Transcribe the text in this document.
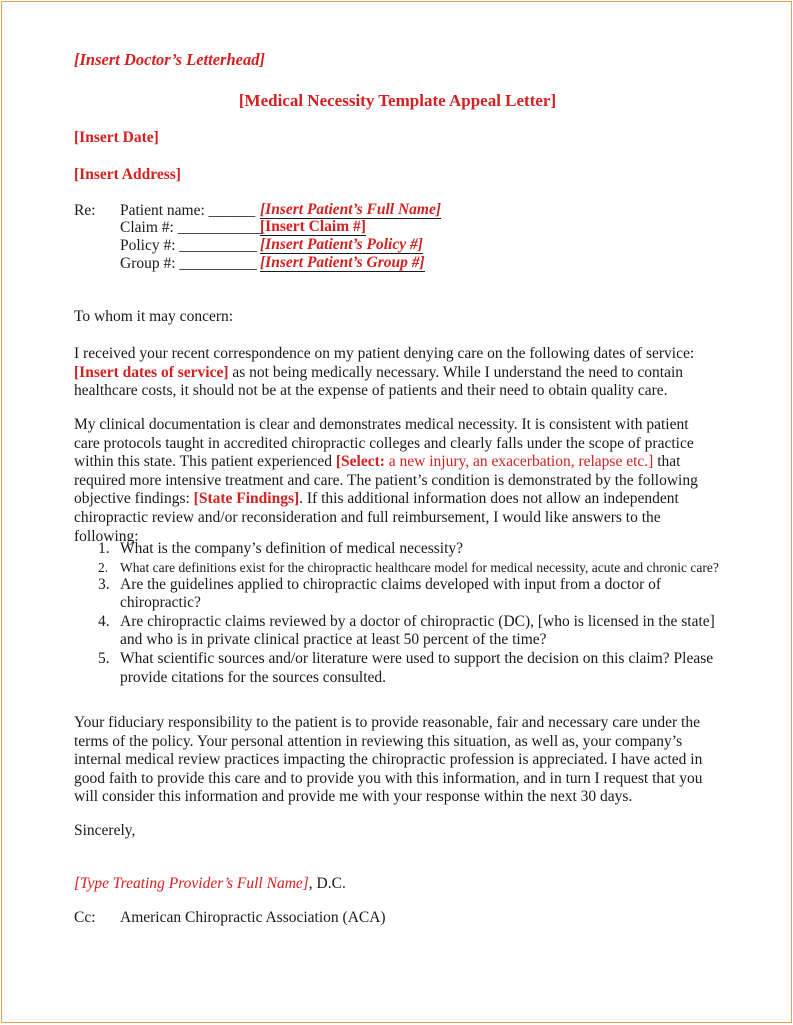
[Insert Doctor’s Letterhead]
[Medical Necessity Template Appeal Letter]
[Insert Date]
[Insert Address]
Re: Patient name: ______ [Insert Patient’s Full Name]
Claim #: ___________
[Insert Claim #]
Policy #: __________ [Insert Patient’s Policy #]
Group #: __________ [Insert Patient’s Group #]
To whom it may concern:
I received your recent correspondence on my patient denying care on the following dates of service:
[Insert dates of service] as not being medically necessary. While I understand the need to contain healthcare costs, it should not be at the expense of patients and their need to obtain quality care.
My clinical documentation is clear and demonstrates medical necessity. It is consistent with patient care protocols taught in accredited chiropractic colleges and clearly falls under the scope of practice within this state. This patient experienced [Select: a new injury, an exacerbation, relapse etc.] that required more intensive treatment and care. The patient’s condition is demonstrated by the following objective findings: [State Findings]. If this additional information does not allow an independent chiropractic review and/or reconsideration and full reimbursement, I would like answers to the following:
1. What is the company’s definition of medical necessity?
2. What care definitions exist for the chiropractic healthcare model for medical necessity, acute and chronic care?
3. Are the guidelines applied to chiropractic claims developed with input from a doctor of chiropractic?
4. Are chiropractic claims reviewed by a doctor of chiropractic (DC), [who is licensed in the state] and who is in private clinical practice at least 50 percent of the time?
5. What scientific sources and/or literature were used to support the decision on this claim? Please provide citations for the sources consulted.
Your fiduciary responsibility to the patient is to provide reasonable, fair and necessary care under the terms of the policy. Your personal attention in reviewing this situation, as well as, your company’s internal medical review practices impacting the chiropractic profession is appreciated. I have acted in good faith to provide this care and to provide you with this information, and in turn I request that you will consider this information and provide me with your response within the next 30 days.
Sincerely,
[Type Treating Provider’s Full Name], D.C.
Cc: American Chiropractic Association (ACA)
